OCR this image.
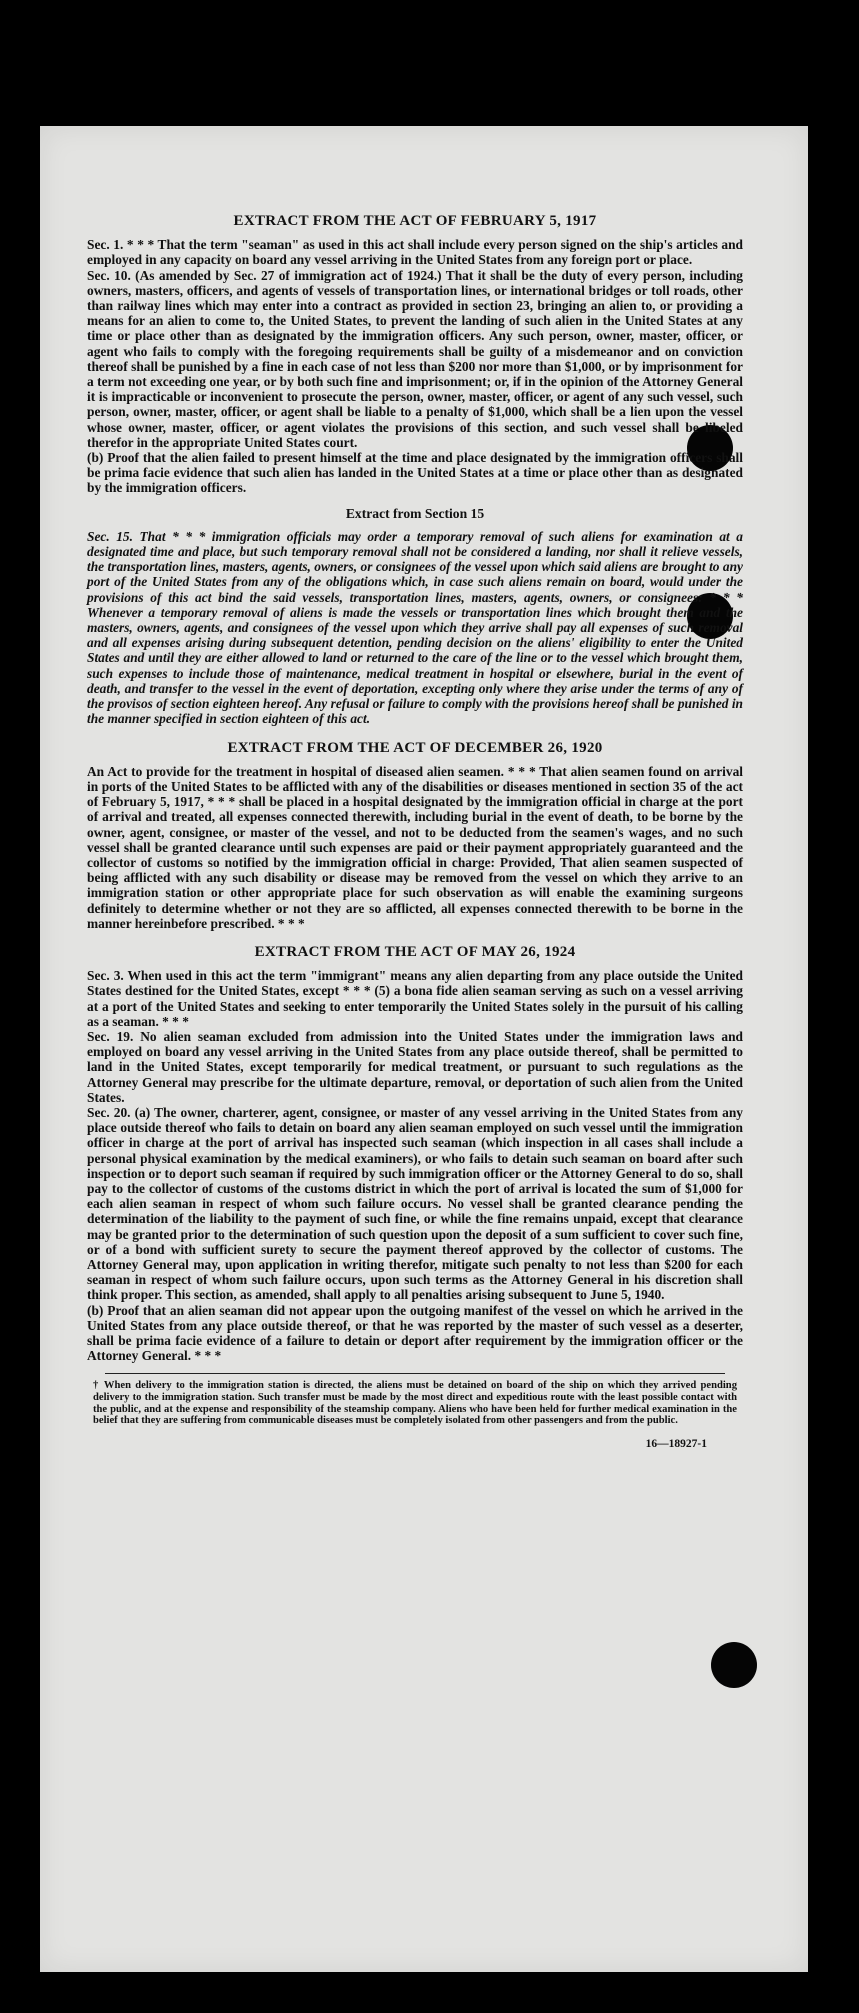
EXTRACT FROM THE ACT OF FEBRUARY 5, 1917

Sec. 1. * * * That the term "seaman" as used in this act shall include every person signed on the ship's articles and employed in any capacity on board any vessel arriving in the United States from any foreign port or place.

Sec. 10. (As amended by Sec. 27 of immigration act of 1924.) That it shall be the duty of every person, including owners, masters, officers, and agents of vessels of transportation lines, or international bridges or toll roads, other than railway lines which may enter into a contract as provided in section 23, bringing an alien to, or providing a means for an alien to come to, the United States, to prevent the landing of such alien in the United States at any time or place other than as designated by the immigration officers. Any such person, owner, master, officer, or agent who fails to comply with the foregoing requirements shall be guilty of a misdemeanor and on conviction thereof shall be punished by a fine in each case of not less than $200 nor more than $1,000, or by imprisonment for a term not exceeding one year, or by both such fine and imprisonment; or, if in the opinion of the Attorney General it is impracticable or inconvenient to prosecute the person, owner, master, officer, or agent of any such vessel, such person, owner, master, officer, or agent shall be liable to a penalty of $1,000, which shall be a lien upon the vessel whose owner, master, officer, or agent violates the provisions of this section, and such vessel shall be libeled therefor in the appropriate United States court.

(b) Proof that the alien failed to present himself at the time and place designated by the immigration officers shall be prima facie evidence that such alien has landed in the United States at a time or place other than as designated by the immigration officers.

Extract from Section 15

Sec. 15. That * * * immigration officials may order a temporary removal of such aliens for examination at a designated time and place, but such temporary removal shall not be considered a landing, nor shall it relieve vessels, the transportation lines, masters, agents, owners, or consignees of the vessel upon which said aliens are brought to any port of the United States from any of the obligations which, in case such aliens remain on board, would under the provisions of this act bind the said vessels, transportation lines, masters, agents, owners, or consignees: * * * Whenever a temporary removal of aliens is made the vessels or transportation lines which brought them and the masters, owners, agents, and consignees of the vessel upon which they arrive shall pay all expenses of such removal and all expenses arising during subsequent detention, pending decision on the aliens' eligibility to enter the United States and until they are either allowed to land or returned to the care of the line or to the vessel which brought them, such expenses to include those of maintenance, medical treatment in hospital or elsewhere, burial in the event of death, and transfer to the vessel in the event of deportation, excepting only where they arise under the terms of any of the provisos of section eighteen hereof. Any refusal or failure to comply with the provisions hereof shall be punished in the manner specified in section eighteen of this act.

EXTRACT FROM THE ACT OF DECEMBER 26, 1920

An Act to provide for the treatment in hospital of diseased alien seamen. * * * That alien seamen found on arrival in ports of the United States to be afflicted with any of the disabilities or diseases mentioned in section 35 of the act of February 5, 1917, * * * shall be placed in a hospital designated by the immigration official in charge at the port of arrival and treated, all expenses connected therewith, including burial in the event of death, to be borne by the owner, agent, consignee, or master of the vessel, and not to be deducted from the seamen's wages, and no such vessel shall be granted clearance until such expenses are paid or their payment appropriately guaranteed and the collector of customs so notified by the immigration official in charge: Provided, That alien seamen suspected of being afflicted with any such disability or disease may be removed from the vessel on which they arrive to an immigration station or other appropriate place for such observation as will enable the examining surgeons definitely to determine whether or not they are so afflicted, all expenses connected therewith to be borne in the manner hereinbefore prescribed. * * *

EXTRACT FROM THE ACT OF MAY 26, 1924

Sec. 3. When used in this act the term "immigrant" means any alien departing from any place outside the United States destined for the United States, except * * * (5) a bona fide alien seaman serving as such on a vessel arriving at a port of the United States and seeking to enter temporarily the United States solely in the pursuit of his calling as a seaman. * * *

Sec. 19. No alien seaman excluded from admission into the United States under the immigration laws and employed on board any vessel arriving in the United States from any place outside thereof, shall be permitted to land in the United States, except temporarily for medical treatment, or pursuant to such regulations as the Attorney General may prescribe for the ultimate departure, removal, or deportation of such alien from the United States.

Sec. 20. (a) The owner, charterer, agent, consignee, or master of any vessel arriving in the United States from any place outside thereof who fails to detain on board any alien seaman employed on such vessel until the immigration officer in charge at the port of arrival has inspected such seaman (which inspection in all cases shall include a personal physical examination by the medical examiners), or who fails to detain such seaman on board after such inspection or to deport such seaman if required by such immigration officer or the Attorney General to do so, shall pay to the collector of customs of the customs district in which the port of arrival is located the sum of $1,000 for each alien seaman in respect of whom such failure occurs. No vessel shall be granted clearance pending the determination of the liability to the payment of such fine, or while the fine remains unpaid, except that clearance may be granted prior to the determination of such question upon the deposit of a sum sufficient to cover such fine, or of a bond with sufficient surety to secure the payment thereof approved by the collector of customs. The Attorney General may, upon application in writing therefor, mitigate such penalty to not less than $200 for each seaman in respect of whom such failure occurs, upon such terms as the Attorney General in his discretion shall think proper. This section, as amended, shall apply to all penalties arising subsequent to June 5, 1940.

(b) Proof that an alien seaman did not appear upon the outgoing manifest of the vessel on which he arrived in the United States from any place outside thereof, or that he was reported by the master of such vessel as a deserter, shall be prima facie evidence of a failure to detain or deport after requirement by the immigration officer or the Attorney General. * * *

† When delivery to the immigration station is directed, the aliens must be detained on board of the ship on which they arrived pending delivery to the immigration station. Such transfer must be made by the most direct and expeditious route with the least possible contact with the public, and at the expense and responsibility of the steamship company. Aliens who have been held for further medical examination in the belief that they are suffering from communicable diseases must be completely isolated from other passengers and from the public.

16—18927-1
